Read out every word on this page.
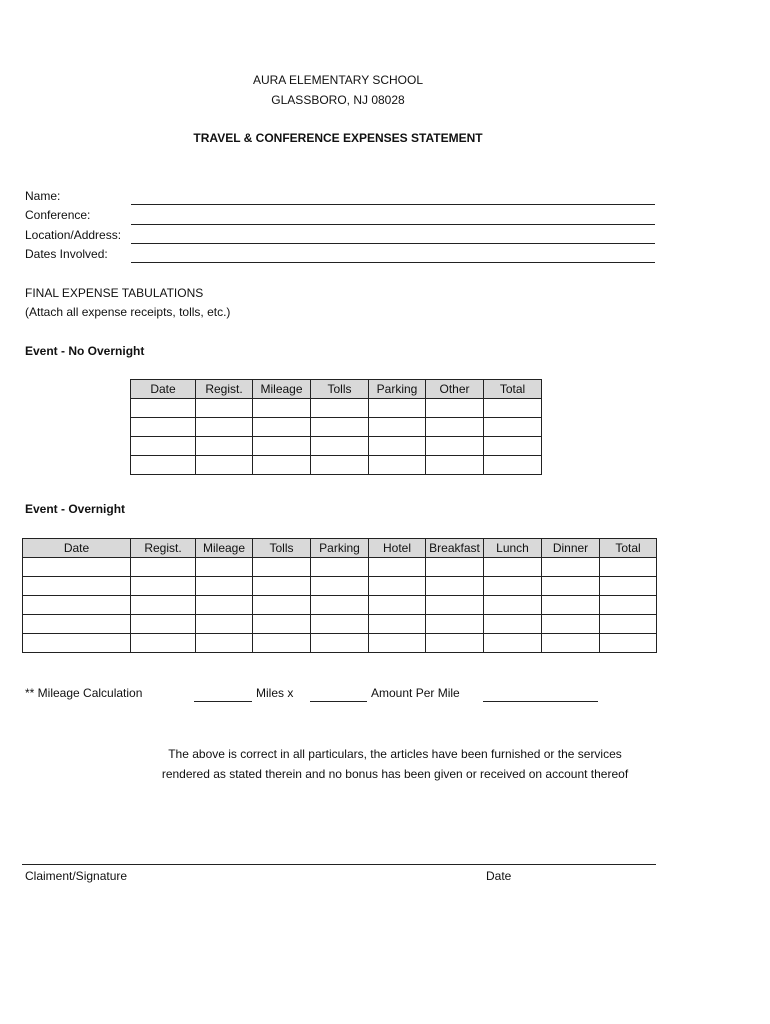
AURA ELEMENTARY SCHOOL
GLASSBORO, NJ 08028
TRAVEL & CONFERENCE EXPENSES STATEMENT
Name:
Conference:
Location/Address:
Dates Involved:
FINAL EXPENSE TABULATIONS
(Attach all expense receipts, tolls, etc.)
Event - No Overnight
Date	Regist.	Mileage	Tolls	Parking	Other	Total

Event - Overnight
Date	Regist.	Mileage	Tolls	Parking	Hotel	Breakfast	Lunch	Dinner	Total

** Mileage Calculation	Miles x	Amount Per Mile
The above is correct in all particulars, the articles have been furnished or the services
rendered as stated therein and no bonus has been given or received on account thereof
Claiment/Signature	Date
